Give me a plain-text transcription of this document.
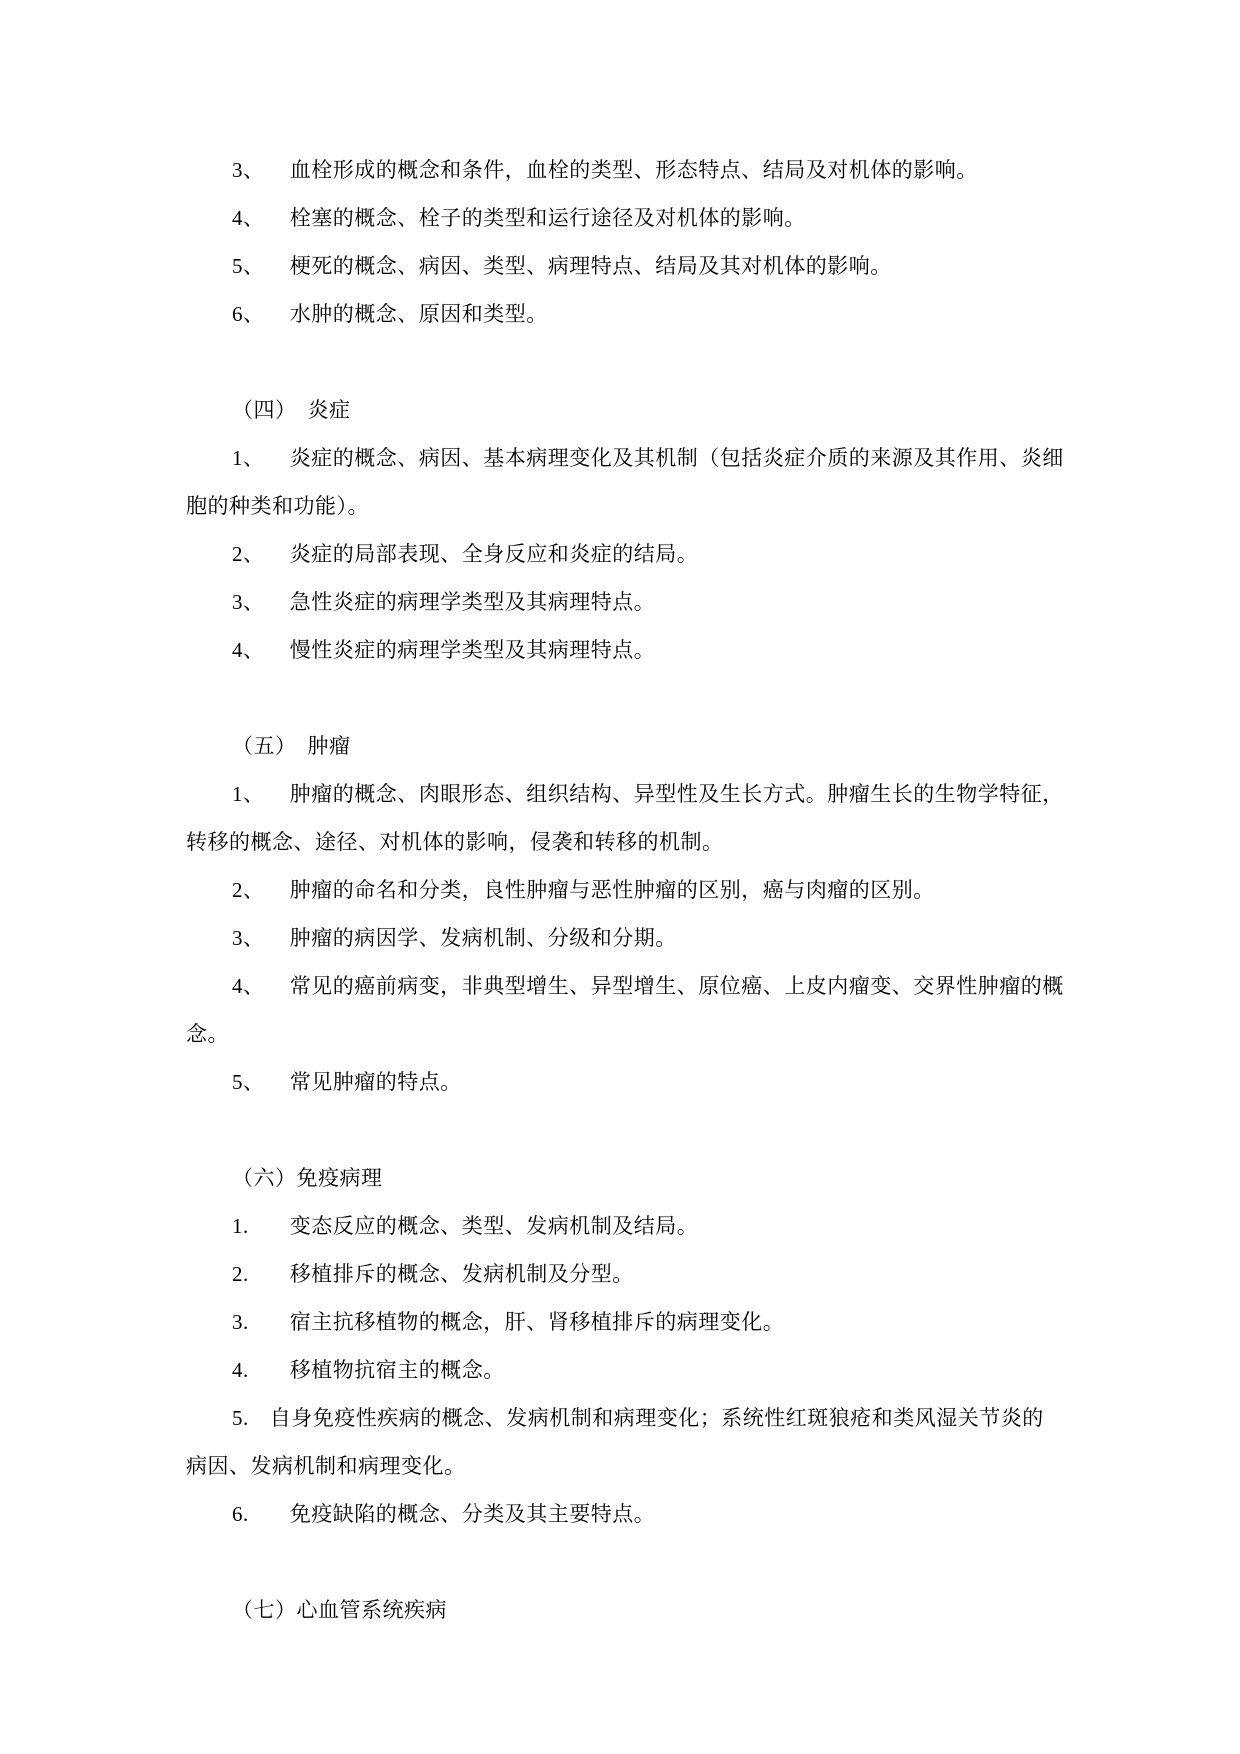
3、 血栓形成的概念和条件，血栓的类型、形态特点、结局及对机体的影响。
4、 栓塞的概念、栓子的类型和运行途径及对机体的影响。
5、 梗死的概念、病因、类型、病理特点、结局及其对机体的影响。
6、 水肿的概念、原因和类型。
（四）　炎症
1、 炎症的概念、病因、基本病理变化及其机制（包括炎症介质的来源及其作用、炎细
胞的种类和功能）。
2、 炎症的局部表现、全身反应和炎症的结局。
3、 急性炎症的病理学类型及其病理特点。
4、 慢性炎症的病理学类型及其病理特点。
（五）　肿瘤
1、 肿瘤的概念、肉眼形态、组织结构、异型性及生长方式。肿瘤生长的生物学特征，
转移的概念、途径、对机体的影响，侵袭和转移的机制。
2、 肿瘤的命名和分类，良性肿瘤与恶性肿瘤的区别，癌与肉瘤的区别。
3、 肿瘤的病因学、发病机制、分级和分期。
4、 常见的癌前病变，非典型增生、异型增生、原位癌、上皮内瘤变、交界性肿瘤的概
念。
5、 常见肿瘤的特点。
（六）免疫病理
1. 变态反应的概念、类型、发病机制及结局。
2. 移植排斥的概念、发病机制及分型。
3. 宿主抗移植物的概念，肝、肾移植排斥的病理变化。
4. 移植物抗宿主的概念。
5. 自身免疫性疾病的概念、发病机制和病理变化；系统性红斑狼疮和类风湿关节炎的
病因、发病机制和病理变化。
6. 免疫缺陷的概念、分类及其主要特点。
（七）心血管系统疾病
